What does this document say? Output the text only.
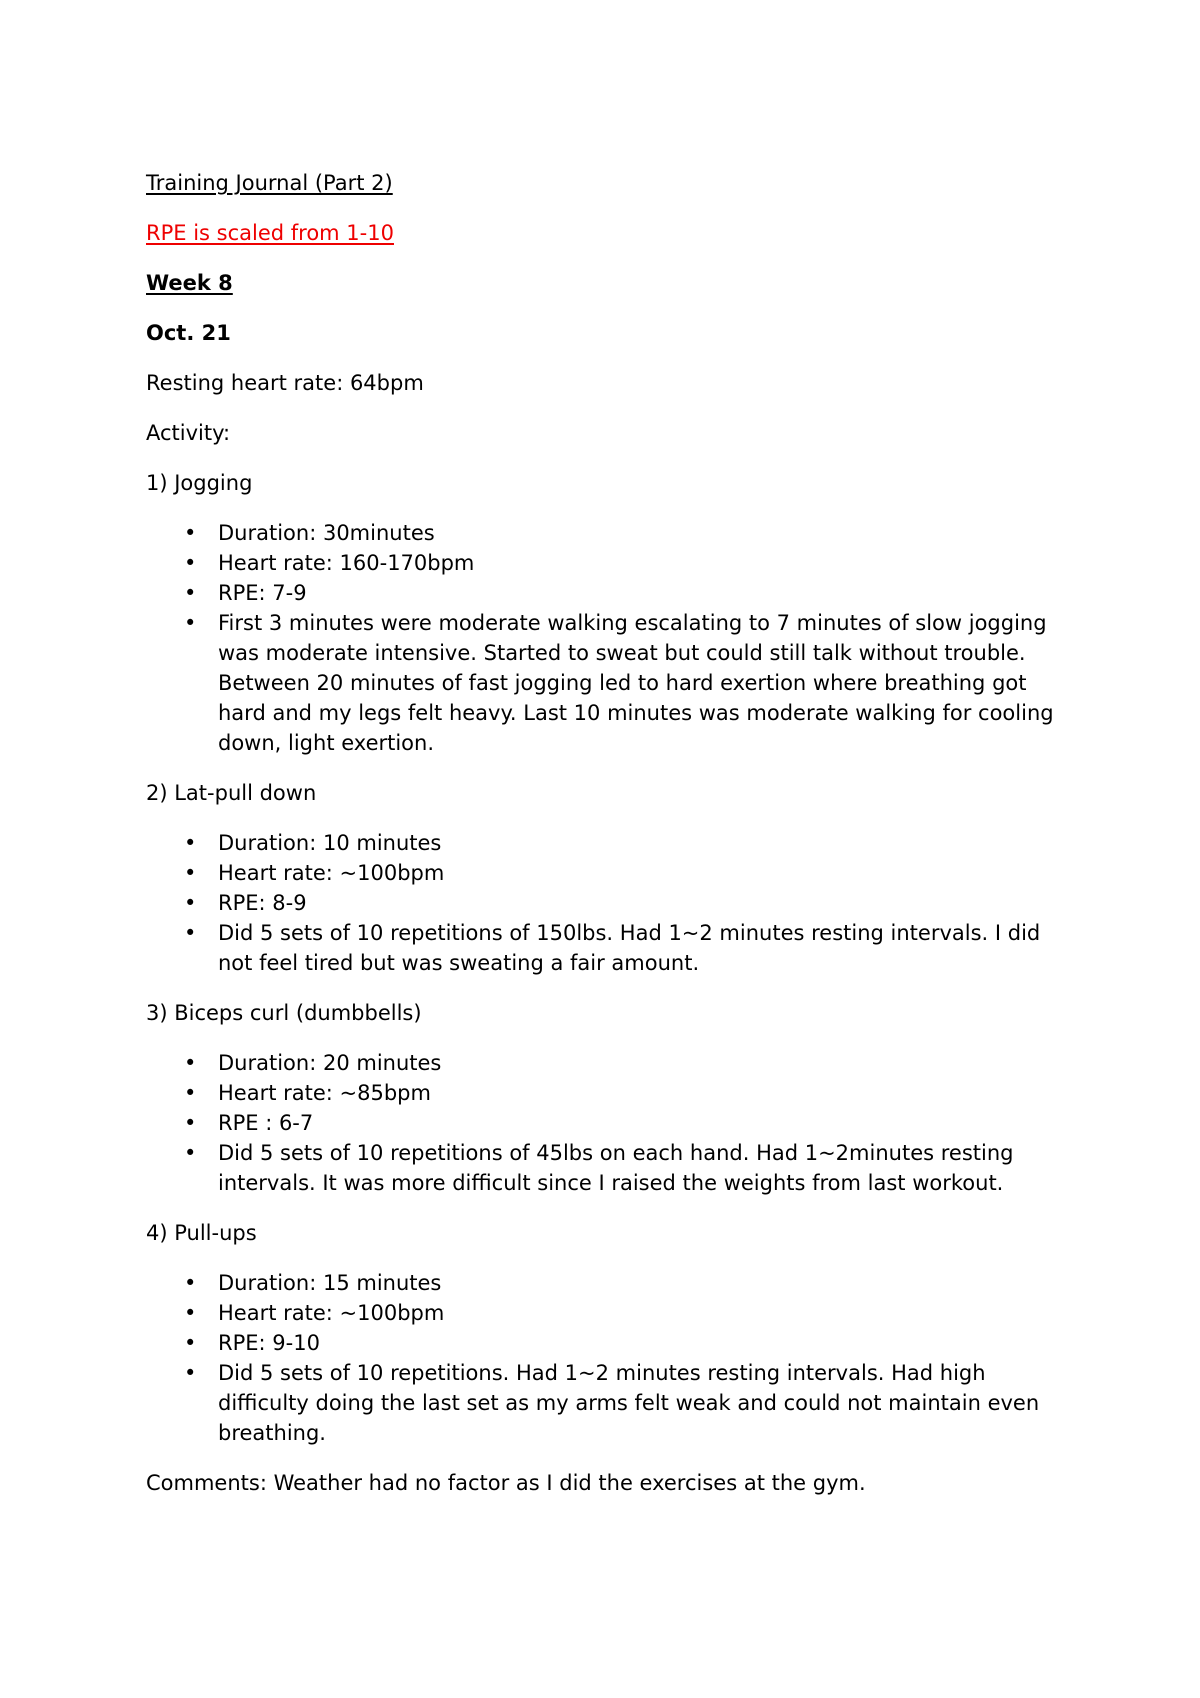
Training Journal (Part 2)

RPE is scaled from 1-10

Week 8

Oct. 21

Resting heart rate: 64bpm

Activity:

1) Jogging

• Duration: 30minutes
• Heart rate: 160-170bpm
• RPE: 7-9
• First 3 minutes were moderate walking escalating to 7 minutes of slow jogging was moderate intensive. Started to sweat but could still talk without trouble. Between 20 minutes of fast jogging led to hard exertion where breathing got hard and my legs felt heavy. Last 10 minutes was moderate walking for cooling down, light exertion.

2) Lat-pull down

• Duration: 10 minutes
• Heart rate: ~100bpm
• RPE: 8-9
• Did 5 sets of 10 repetitions of 150lbs. Had 1~2 minutes resting intervals. I did not feel tired but was sweating a fair amount.

3) Biceps curl (dumbbells)

• Duration: 20 minutes
• Heart rate: ~85bpm
• RPE : 6-7
• Did 5 sets of 10 repetitions of 45lbs on each hand. Had 1~2minutes resting intervals. It was more difficult since I raised the weights from last workout.

4) Pull-ups

• Duration: 15 minutes
• Heart rate: ~100bpm
• RPE: 9-10
• Did 5 sets of 10 repetitions. Had 1~2 minutes resting intervals. Had high difficulty doing the last set as my arms felt weak and could not maintain even breathing.

Comments: Weather had no factor as I did the exercises at the gym.
